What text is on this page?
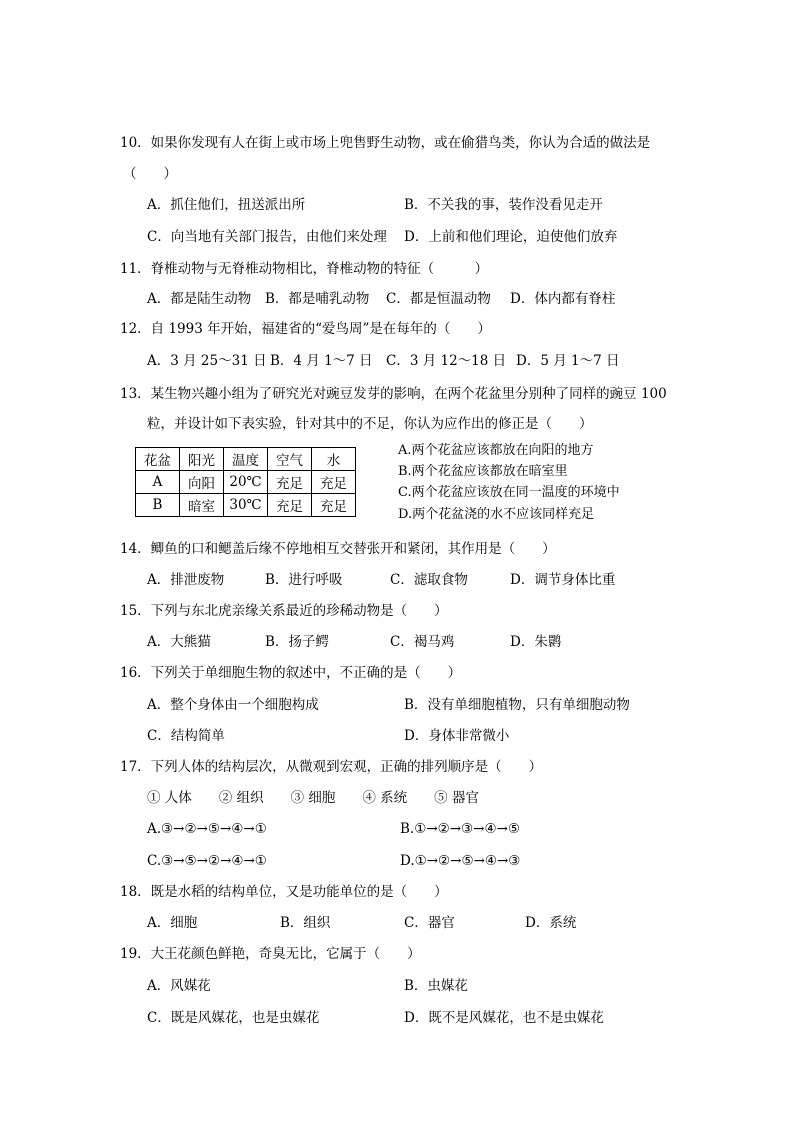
10．如果你发现有人在街上或市场上兜售野生动物，或在偷猎鸟类，你认为合适的做法是
（　　）
A．抓住他们，扭送派出所	B．不关我的事，装作没看见走开
C．向当地有关部门报告，由他们来处理 D．上前和他们理论，迫使他们放弃
11．脊椎动物与无脊椎动物相比，脊椎动物的特征（　　　）
A．都是陆生动物 B．都是哺乳动物 C．都是恒温动物 D．体内都有脊柱
12．自 1993 年开始，福建省的“爱鸟周”是在每年的（　　）
A．3 月 25～31 日 B．4 月 1～7 日 C．3 月 12～18 日 D．5 月 1～7 日
13．某生物兴趣小组为了研究光对豌豆发芽的影响，在两个花盆里分别种了同样的豌豆 100
粒，并设计如下表实验，针对其中的不足，你认为应作出的修正是（　　）
花盆	阳光	温度	空气	水
A	向阳	20℃	充足	充足
B	暗室	30℃	充足	充足
A.两个花盆应该都放在向阳的地方
B.两个花盆应该都放在暗室里
C.两个花盆应该放在同一温度的环境中
D.两个花盆浇的水不应该同样充足
14．鲫鱼的口和鳃盖后缘不停地相互交替张开和紧闭，其作用是（　　）
A．排泄废物	B．进行呼吸	C．滤取食物	D．调节身体比重
15．下列与东北虎亲缘关系最近的珍稀动物是（　　）
A．大熊猫	B．扬子鳄	C．褐马鸡	D．朱鹮
16．下列关于单细胞生物的叙述中，不正确的是（　　）
A．整个身体由一个细胞构成	B．没有单细胞植物，只有单细胞动物
C．结构简单	D．身体非常微小
17．下列人体的结构层次，从微观到宏观，正确的排列顺序是（　　）
① 人体　　② 组织　　③ 细胞　　④ 系统　　⑤ 器官
A.③→②→⑤→④→①	B.①→②→③→④→⑤
C.③→⑤→②→④→①	D.①→②→⑤→④→③
18．既是水稻的结构单位，又是功能单位的是（　　）
A．细胞	B．组织	C．器官	D．系统
19．大王花颜色鲜艳，奇臭无比，它属于（　　）
A．风媒花	B．虫媒花
C．既是风媒花，也是虫媒花	D．既不是风媒花，也不是虫媒花
